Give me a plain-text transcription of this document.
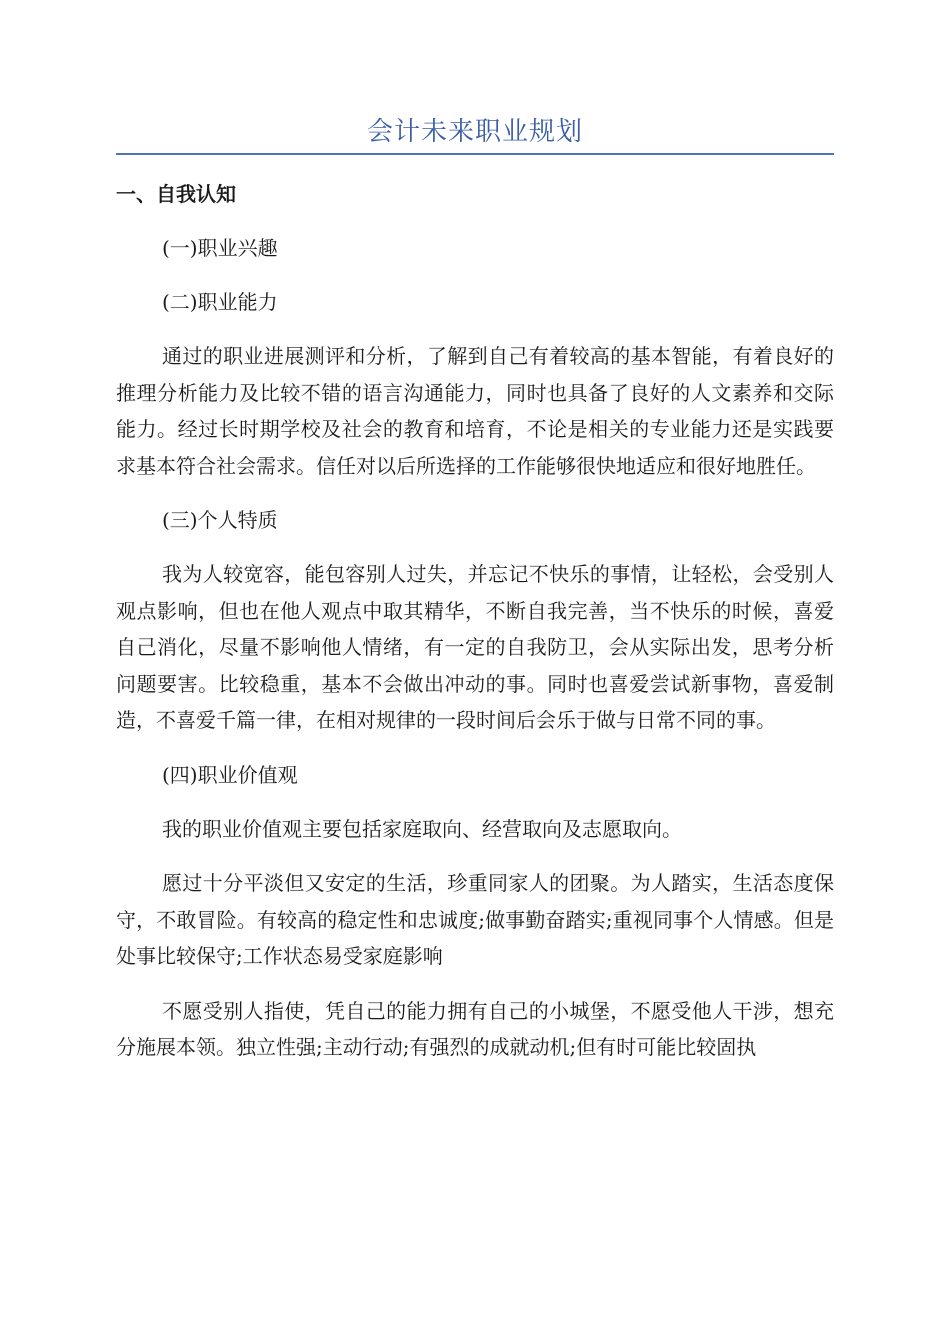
会计未来职业规划

一、自我认知

(一)职业兴趣

(二)职业能力

通过的职业进展测评和分析，了解到自己有着较高的基本智能，有着良好的推理分析能力及比较不错的语言沟通能力，同时也具备了良好的人文素养和交际能力。经过长时期学校及社会的教育和培育，不论是相关的专业能力还是实践要求基本符合社会需求。信任对以后所选择的工作能够很快地适应和很好地胜任。

(三)个人特质

我为人较宽容，能包容别人过失，并忘记不快乐的事情，让轻松，会受别人观点影响，但也在他人观点中取其精华，不断自我完善，当不快乐的时候，喜爱自己消化，尽量不影响他人情绪，有一定的自我防卫，会从实际出发，思考分析问题要害。比较稳重，基本不会做出冲动的事。同时也喜爱尝试新事物，喜爱制造，不喜爱千篇一律，在相对规律的一段时间后会乐于做与日常不同的事。

(四)职业价值观

我的职业价值观主要包括家庭取向、经营取向及志愿取向。

愿过十分平淡但又安定的生活，珍重同家人的团聚。为人踏实，生活态度保守，不敢冒险。有较高的稳定性和忠诚度;做事勤奋踏实;重视同事个人情感。但是处事比较保守;工作状态易受家庭影响

不愿受别人指使，凭自己的能力拥有自己的小城堡，不愿受他人干涉，想充分施展本领。独立性强;主动行动;有强烈的成就动机;但有时可能比较固执
